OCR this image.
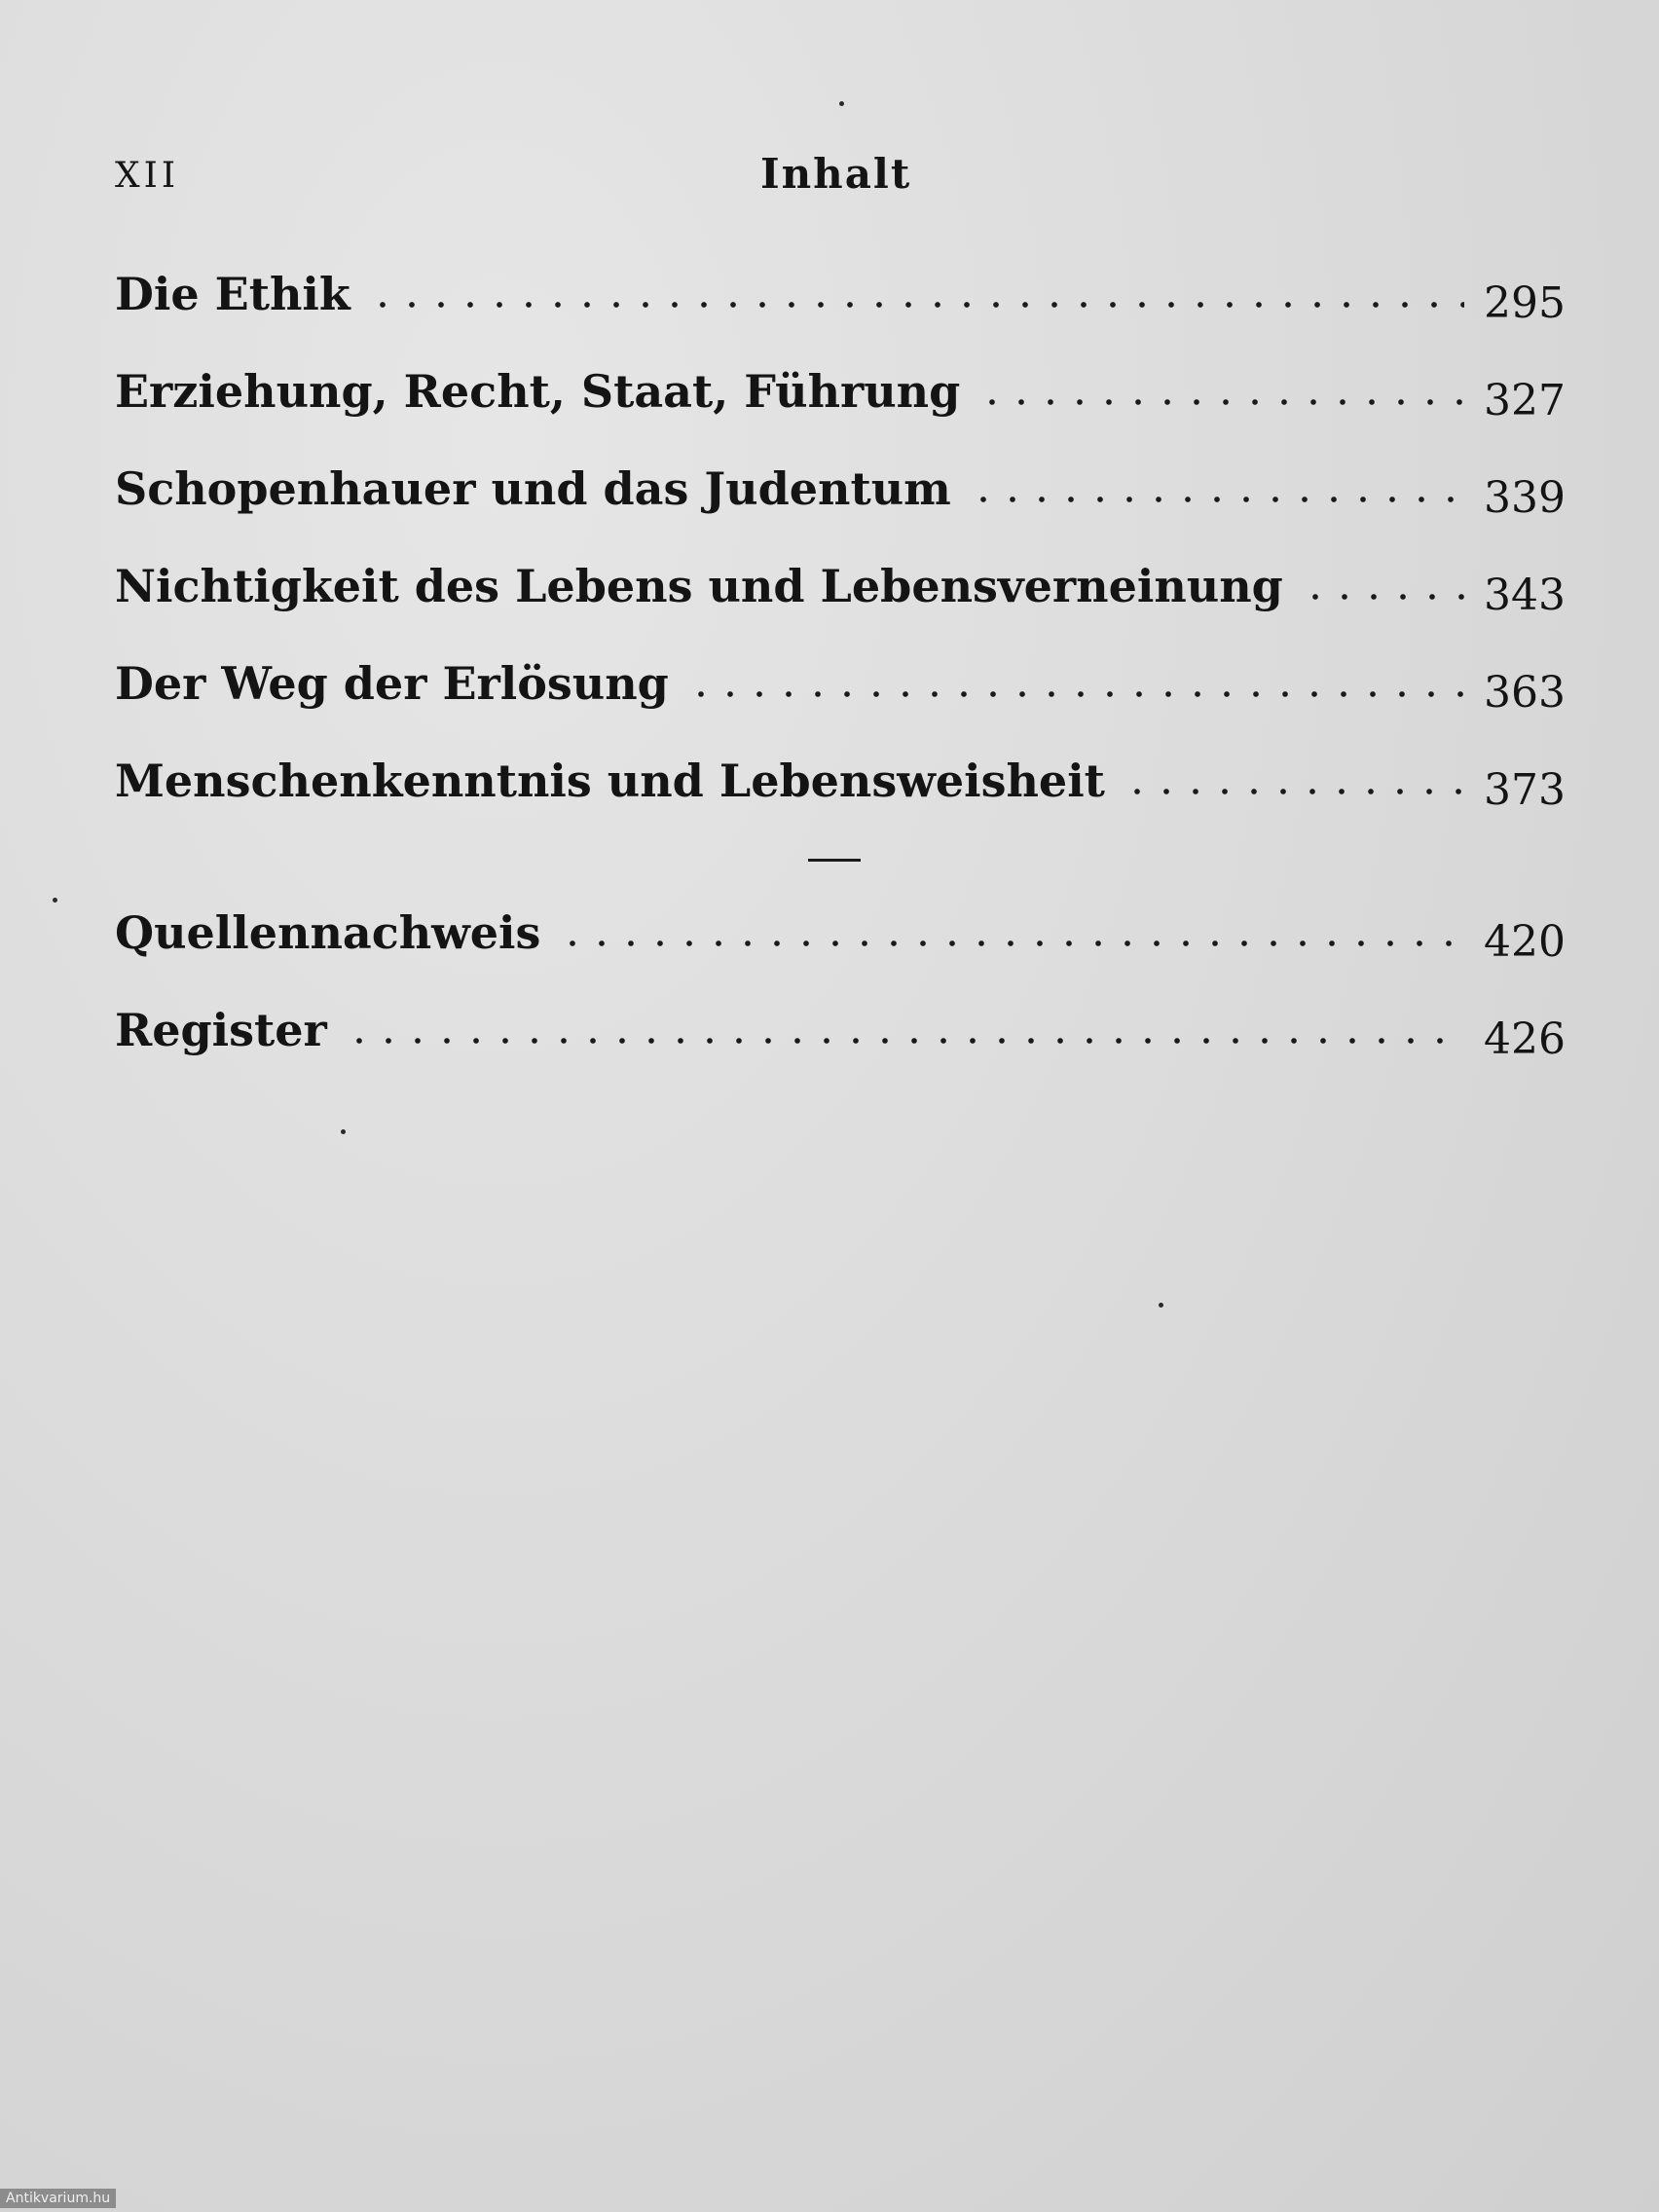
XII	Inhalt
Die Ethik	295
Erziehung, Recht, Staat, Führung	327
Schopenhauer und das Judentum	339
Nichtigkeit des Lebens und Lebensverneinung	343
Der Weg der Erlösung	363
Menschenkenntnis und Lebensweisheit	373
Quellennachweis	420
Register	426
Antikvarium.hu
